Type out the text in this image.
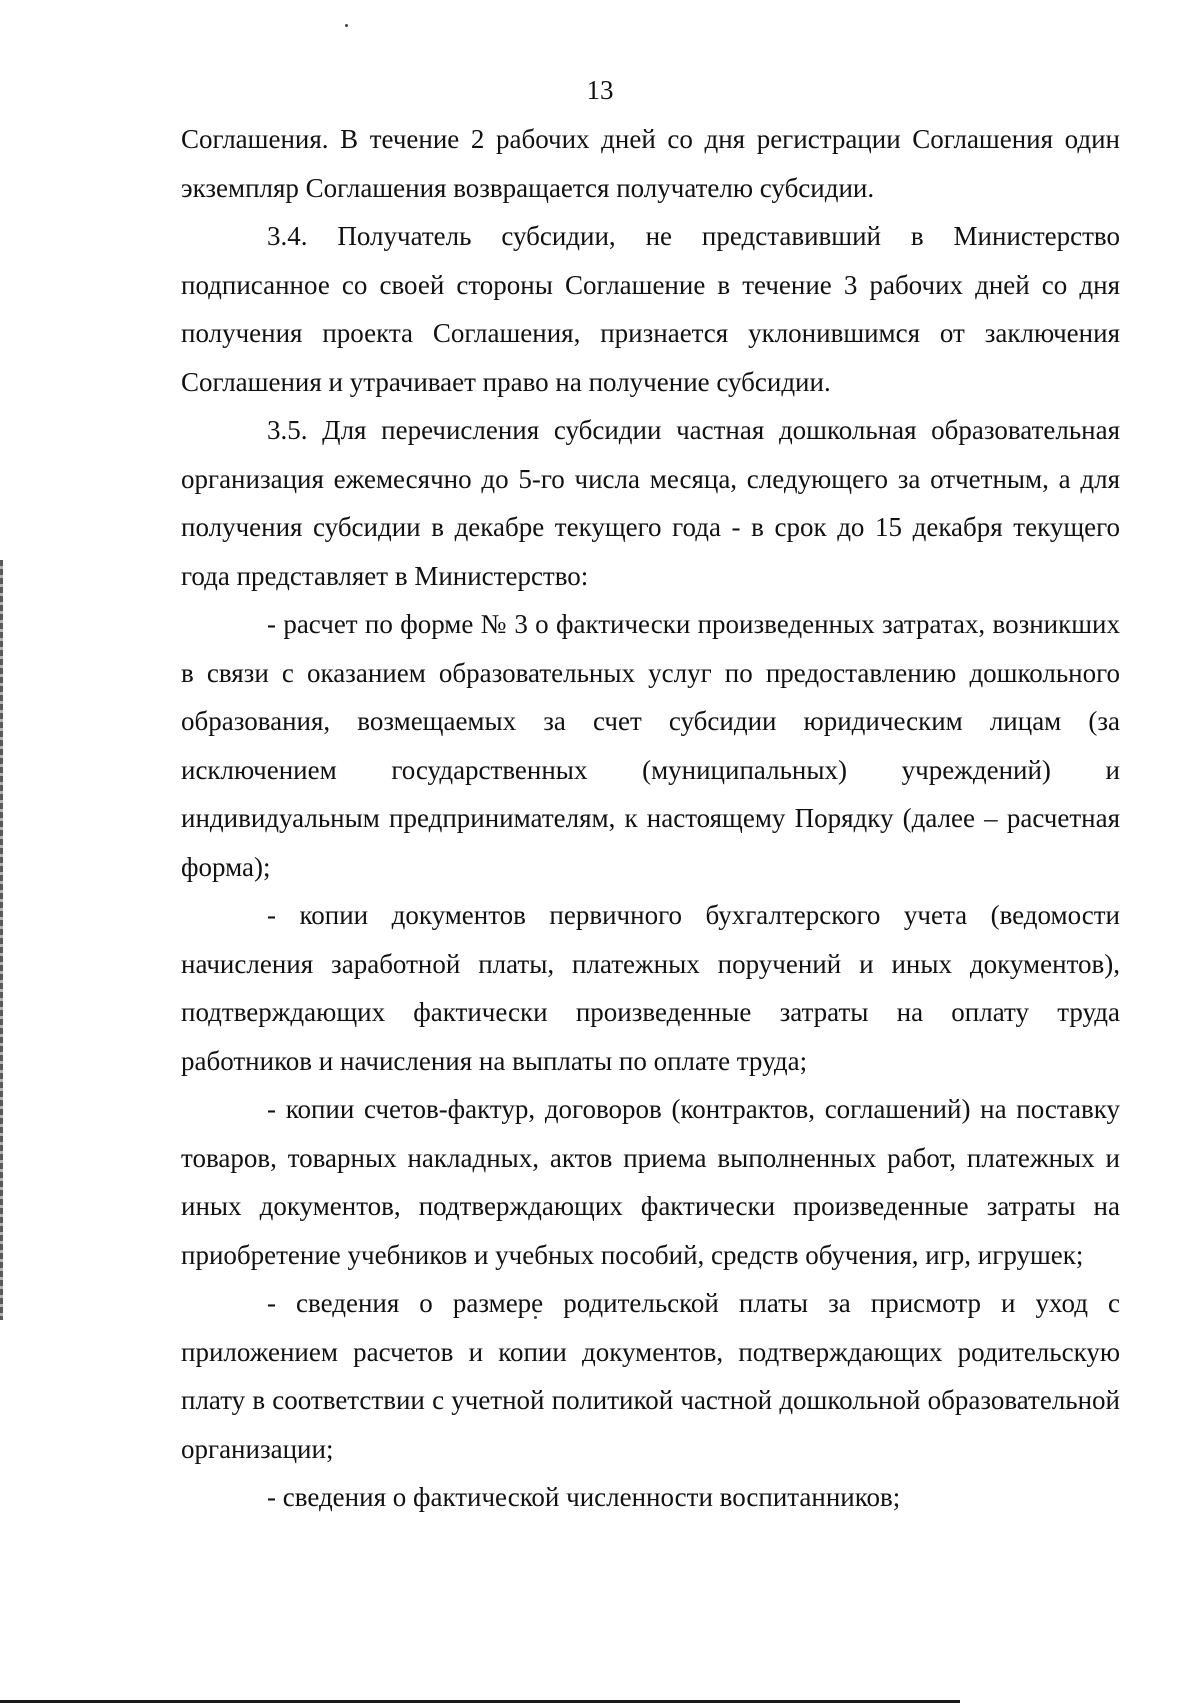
13

Соглашения. В течение 2 рабочих дней со дня регистрации Соглашения один экземпляр Соглашения возвращается получателю субсидии.

3.4. Получатель субсидии, не представивший в Министерство подписанное со своей стороны Соглашение в течение 3 рабочих дней со дня получения проекта Соглашения, признается уклонившимся от заключения Соглашения и утрачивает право на получение субсидии.

3.5. Для перечисления субсидии частная дошкольная образовательная организация ежемесячно до 5-го числа месяца, следующего за отчетным, а для получения субсидии в декабре текущего года - в срок до 15 декабря текущего года представляет в Министерство:

- расчет по форме № 3 о фактически произведенных затратах, возникших в связи с оказанием образовательных услуг по предоставлению дошкольного образования, возмещаемых за счет субсидии юридическим лицам (за исключением государственных (муниципальных) учреждений) и индивидуальным предпринимателям, к настоящему Порядку (далее – расчетная форма);

- копии документов первичного бухгалтерского учета (ведомости начисления заработной платы, платежных поручений и иных документов), подтверждающих фактически произведенные затраты на оплату труда работников и начисления на выплаты по оплате труда;

- копии счетов-фактур, договоров (контрактов, соглашений) на поставку товаров, товарных накладных, актов приема выполненных работ, платежных и иных документов, подтверждающих фактически произведенные затраты на приобретение учебников и учебных пособий, средств обучения, игр, игрушек;

- сведения о размере родительской платы за присмотр и уход с приложением расчетов и копии документов, подтверждающих родительскую плату в соответствии с учетной политикой частной дошкольной образовательной организации;

- сведения о фактической численности воспитанников;
